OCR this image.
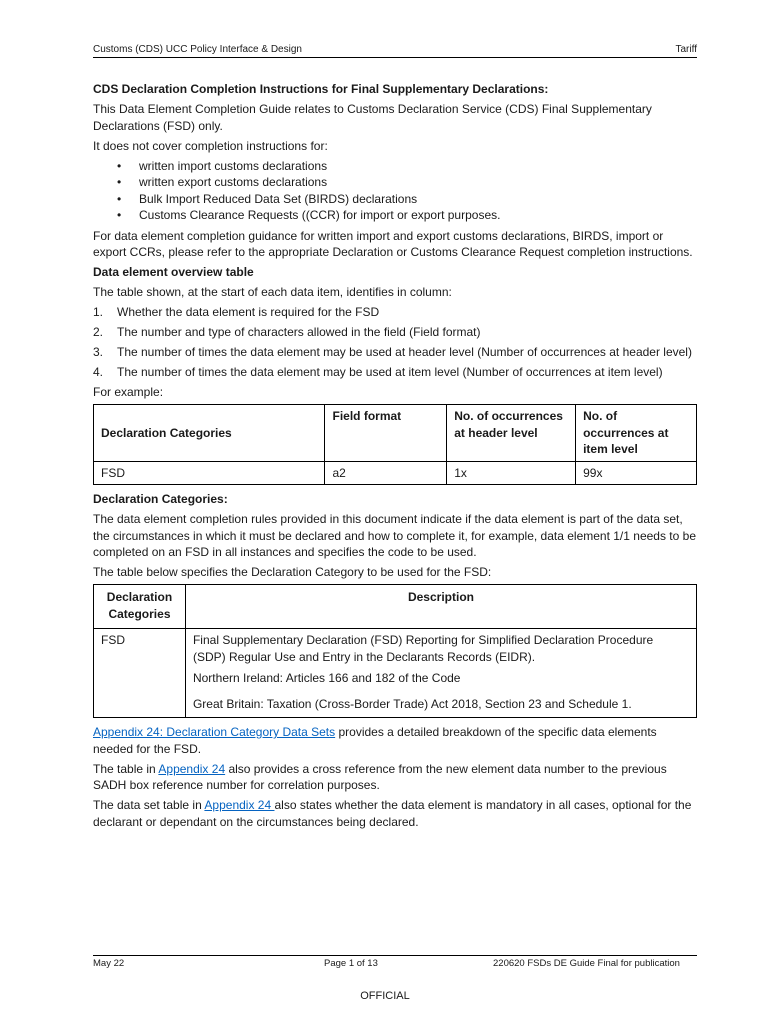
Customs (CDS) UCC Policy Interface & Design	Tariff

CDS Declaration Completion Instructions for Final Supplementary Declarations:

This Data Element Completion Guide relates to Customs Declaration Service (CDS) Final Supplementary Declarations (FSD) only.

It does not cover completion instructions for:

• written import customs declarations
• written export customs declarations
• Bulk Import Reduced Data Set (BIRDS) declarations
• Customs Clearance Requests ((CCR) for import or export purposes.

For data element completion guidance for written import and export customs declarations, BIRDS, import or export CCRs, please refer to the appropriate Declaration or Customs Clearance Request completion instructions.

Data element overview table

The table shown, at the start of each data item, identifies in column:

1. Whether the data element is required for the FSD
2. The number and type of characters allowed in the field (Field format)
3. The number of times the data element may be used at header level (Number of occurrences at header level)
4. The number of times the data element may be used at item level (Number of occurrences at item level)

For example:

Declaration Categories	Field format	No. of occurrences at header level	No. of occurrences at item level
FSD	a2	1x	99x

Declaration Categories:

The data element completion rules provided in this document indicate if the data element is part of the data set, the circumstances in which it must be declared and how to complete it, for example, data element 1/1 needs to be completed on an FSD in all instances and specifies the code to be used.

The table below specifies the Declaration Category to be used for the FSD:

Declaration Categories	Description
FSD	Final Supplementary Declaration (FSD) Reporting for Simplified Declaration Procedure (SDP) Regular Use and Entry in the Declarants Records (EIDR).

Northern Ireland: Articles 166 and 182 of the Code

Great Britain: Taxation (Cross-Border Trade) Act 2018, Section 23 and Schedule 1.

Appendix 24: Declaration Category Data Sets provides a detailed breakdown of the specific data elements needed for the FSD.

The table in Appendix 24 also provides a cross reference from the new element data number to the previous SADH box reference number for correlation purposes.

The data set table in Appendix 24 also states whether the data element is mandatory in all cases, optional for the declarant or dependant on the circumstances being declared.

May 22	Page 1 of 13	220620 FSDs DE Guide Final for publication
OFFICIAL
